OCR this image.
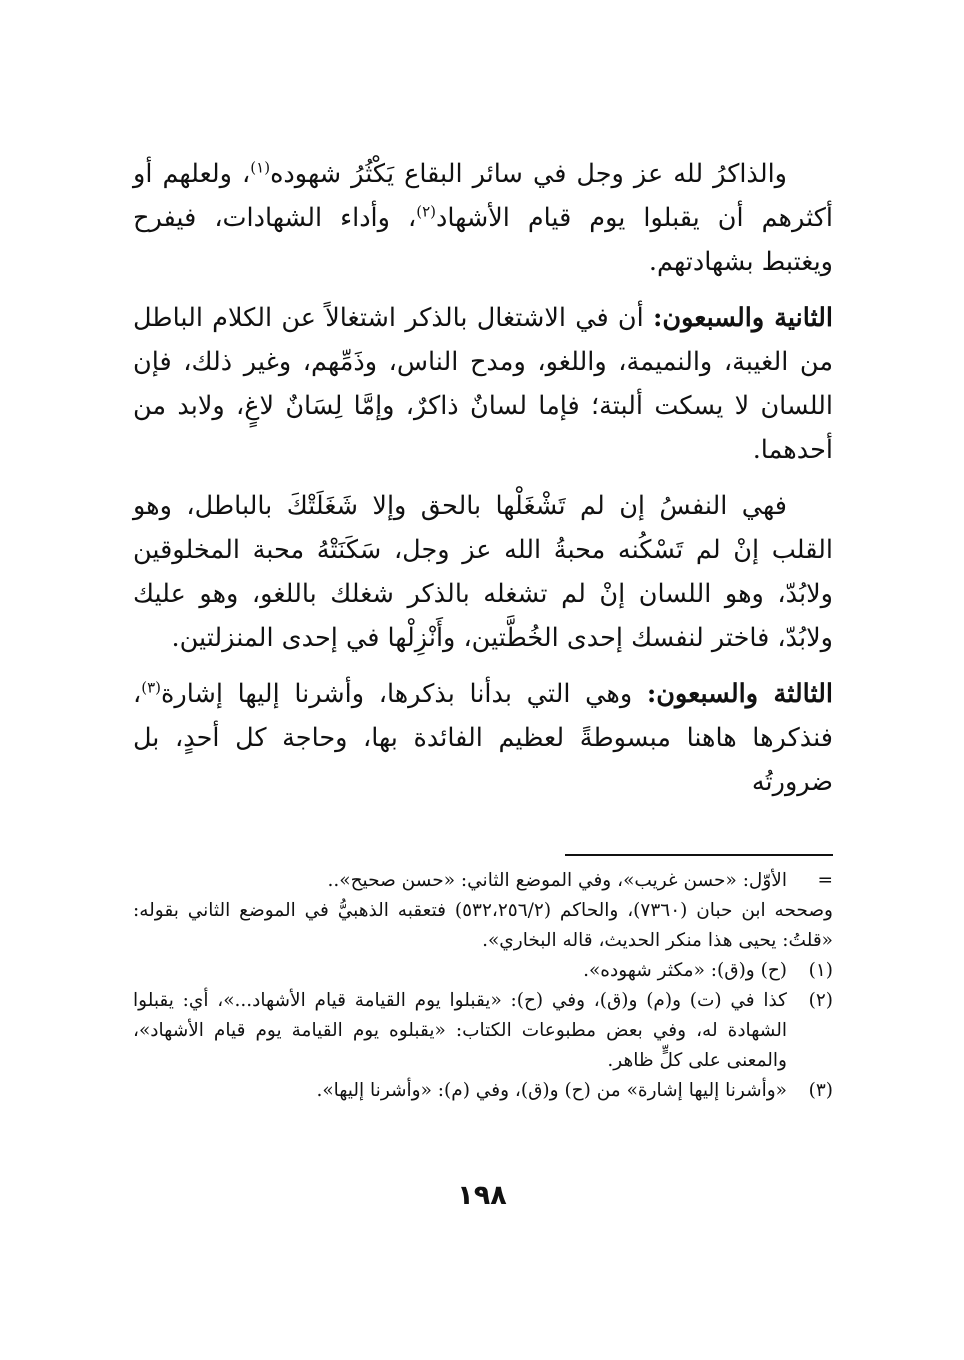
والذاكرُ لله عز وجل في سائر البقاع يَكْثُرُ شهوده$^{(١)}$، ولعلهم أو أكثرهم أن يقبلوا يوم قيام الأشهاد$^{(٢)}$، وأداء الشهادات، فيفرح ويغتبط بشهادتهم.

الثانية والسبعون: أن في الاشتغال بالذكر اشتغالاً عن الكلام الباطل من الغيبة، والنميمة، واللغو، ومدح الناس، وذَمِّهم، وغير ذلك، فإن اللسان لا يسكت ألبتة؛ فإما لسانٌ ذاكرٌ، وإمَّا لِسَانٌ لاغٍ، ولابد من أحدهما.

فهي النفسُ إن لم تَشْغَلْها بالحق وإلا شَغَلَتْكَ بالباطل، وهو القلب إنْ لم تَسْكُنه محبةُ الله عز وجل، سَكَنَتْهُ محبة المخلوقين ولابُدّ، وهو اللسان إنْ لم تشغله بالذكر شغلك باللغو، وهو عليك ولابُدّ، فاختر لنفسك إحدى الخُطَّتين، وأَنْزِلْها في إحدى المنزلتين.

الثالثة والسبعون: وهي التي بدأنا بذكرها، وأشرنا إليها إشارة$^{(٣)}$، فنذكرها هاهنا مبسوطةً لعظيم الفائدة بها، وحاجة كل أحدٍ، بل ضرورتُه

=
الأوّل: «حسن غريب»، وفي الموضع الثاني: «حسن صحيح»..
وصححه ابن حبان (٧٣٦٠)، والحاكم (٥٣٢،٢٥٦/٢) فتعقبه الذهبيُّ في الموضع الثاني بقوله: «قلتُ: يحيى هذا منكر الحديث، قاله البخاري».
(١)
(ح) و(ق): «مكثر شهوده».
(٢)
كذا في (ت) و(م) و(ق)، وفي (ح): «يقبلوا يوم القيامة قيام الأشهاد...»، أي: يقبلوا الشهادة له، وفي بعض مطبوعات الكتاب: «يقبلوه يوم القيامة يوم قيام الأشهاد»، والمعنى على كلٍّ ظاهر.
(٣)
«وأشرنا إليها إشارة» من (ح) و(ق)، وفي (م): «وأشرنا إليها».
١٩٨
